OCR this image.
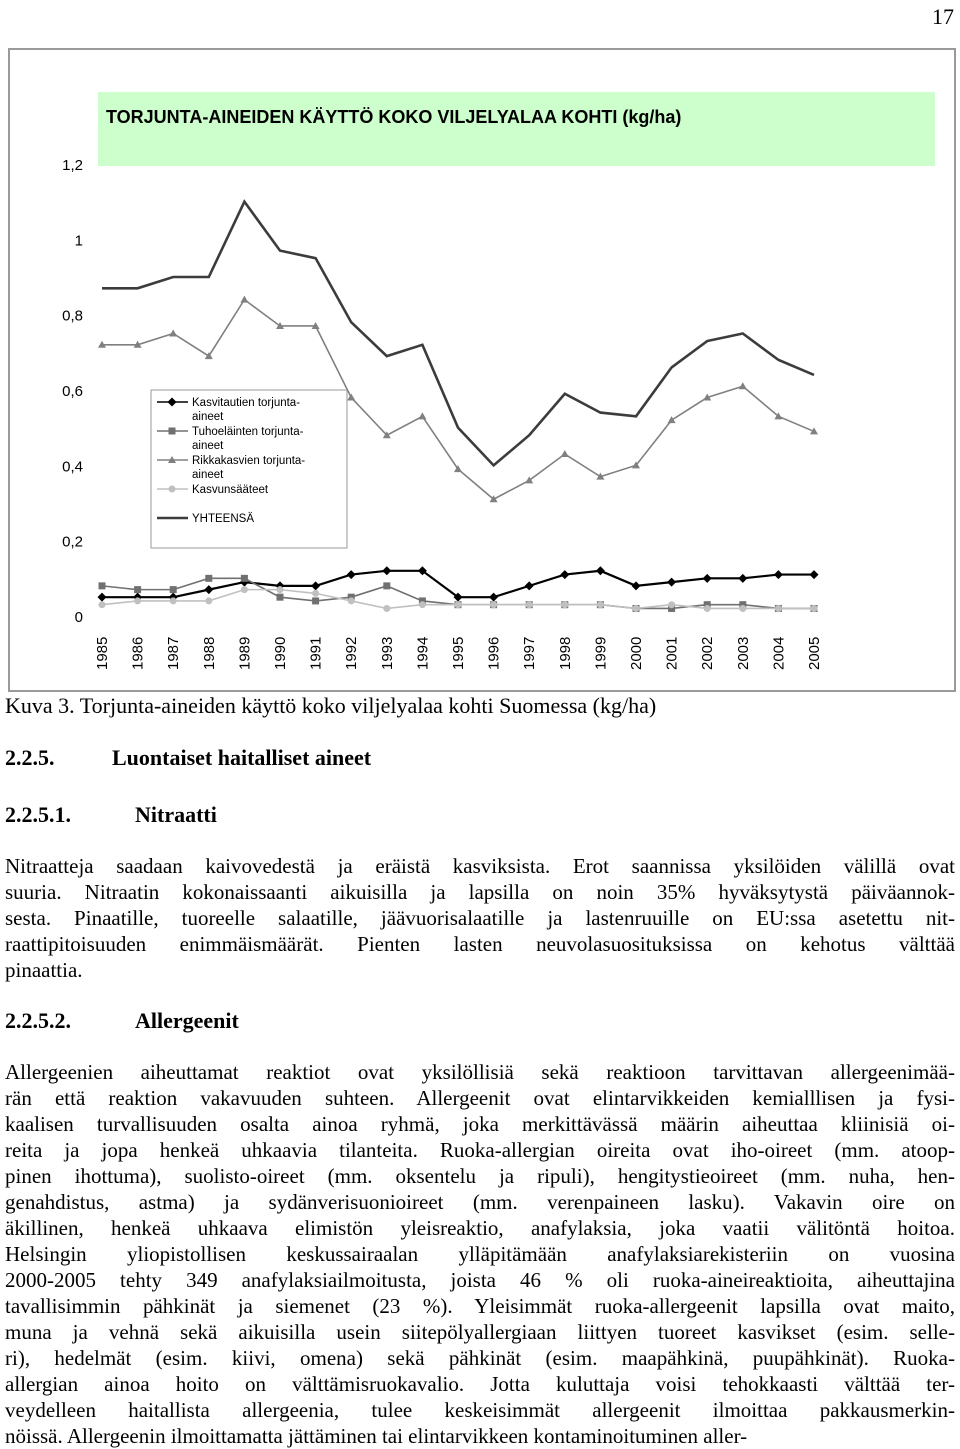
17
TORJUNTA-AINEIDEN KÄYTTÖ KOKO VILJELYALAA KOHTI (kg/ha)
0
0,2
0,4
0,6
0,8
1
1,2
1985 1986 1987 1988 1989 1990 1991 1992 1993 1994 1995 1996 1997 1998 1999 2000 2001 2002 2003 2004 2005
Kasvitautien torjunta-
aineet
Tuhoeläinten torjunta-
aineet
Rikkakasvien torjunta-
aineet
Kasvunsääteet
YHTEENSÄ
Kuva 3. Torjunta-aineiden käyttö koko viljelyalaa kohti Suomessa (kg/ha)
2.2.5.	Luontaiset haitalliset aineet
2.2.5.1.	Nitraatti
Nitraatteja saadaan kaivovedestä ja eräistä kasviksista. Erot saannissa yksilöiden välillä ovat
suuria. Nitraatin kokonaissaanti aikuisilla ja lapsilla on noin 35% hyväksytystä päiväannok-
sesta. Pinaatille, tuoreelle salaatille, jäävuorisalaatille ja lastenruuille on EU:ssa asetettu nit-
raattipitoisuuden enimmäismäärät. Pienten lasten neuvolasuosituksissa on kehotus välttää
pinaattia.
2.2.5.2.	Allergeenit
Allergeenien aiheuttamat reaktiot ovat yksilöllisiä sekä reaktioon tarvittavan allergeenimää-
rän että reaktion vakavuuden suhteen. Allergeenit ovat elintarvikkeiden kemialllisen ja fysi-
kaalisen turvallisuuden osalta ainoa ryhmä, joka merkittävässä määrin aiheuttaa kliinisiä oi-
reita ja jopa henkeä uhkaavia tilanteita. Ruoka-allergian oireita ovat iho-oireet (mm. atoop-
pinen ihottuma), suolisto-oireet (mm. oksentelu ja ripuli), hengitystieoireet (mm. nuha, hen-
genahdistus, astma) ja sydänverisuonioireet (mm. verenpaineen lasku). Vakavin oire on
äkillinen, henkeä uhkaava elimistön yleisreaktio, anafylaksia, joka vaatii välitöntä hoitoa.
Helsingin yliopistollisen keskussairaalan ylläpitämään anafylaksiarekisteriin on vuosina
2000-2005 tehty 349 anafylaksiailmoitusta, joista 46 % oli ruoka-aineireaktioita, aiheuttajina
tavallisimmin pähkinät ja siemenet (23 %). Yleisimmät ruoka-allergeenit lapsilla ovat maito,
muna ja vehnä sekä aikuisilla usein siitepölyallergiaan liittyen tuoreet kasvikset (esim. selle-
ri), hedelmät (esim. kiivi, omena) sekä pähkinät (esim. maapähkinä, puupähkinät). Ruoka-
allergian ainoa hoito on välttämisruokavalio. Jotta kuluttaja voisi tehokkaasti välttää ter-
veydelleen haitallista allergeenia, tulee keskeisimmät allergeenit ilmoittaa pakkausmerkin-
nöissä. Allergeenin ilmoittamatta jättäminen tai elintarvikkeen kontaminoituminen aller-
